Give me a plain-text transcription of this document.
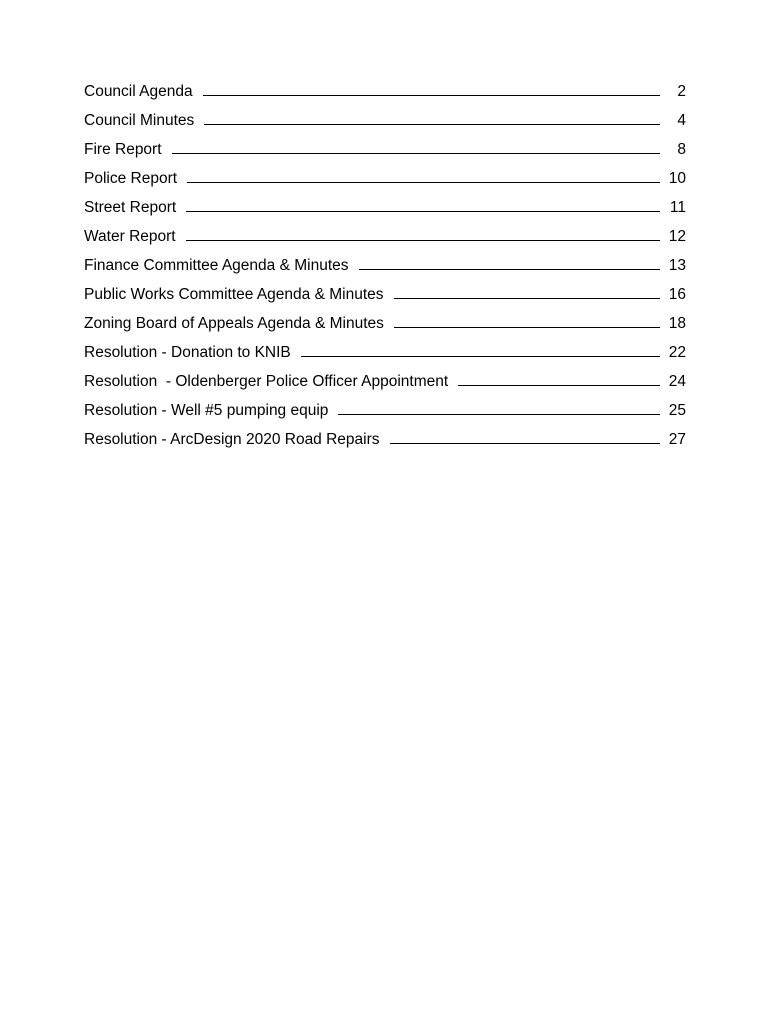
Council Agenda	2
Council Minutes	4
Fire Report	8
Police Report	10
Street Report	11
Water Report	12
Finance Committee Agenda & Minutes	13
Public Works Committee Agenda & Minutes	16
Zoning Board of Appeals Agenda & Minutes	18
Resolution - Donation to KNIB	22
Resolution  - Oldenberger Police Officer Appointment	24
Resolution - Well #5 pumping equip	25
Resolution - ArcDesign 2020 Road Repairs	27
